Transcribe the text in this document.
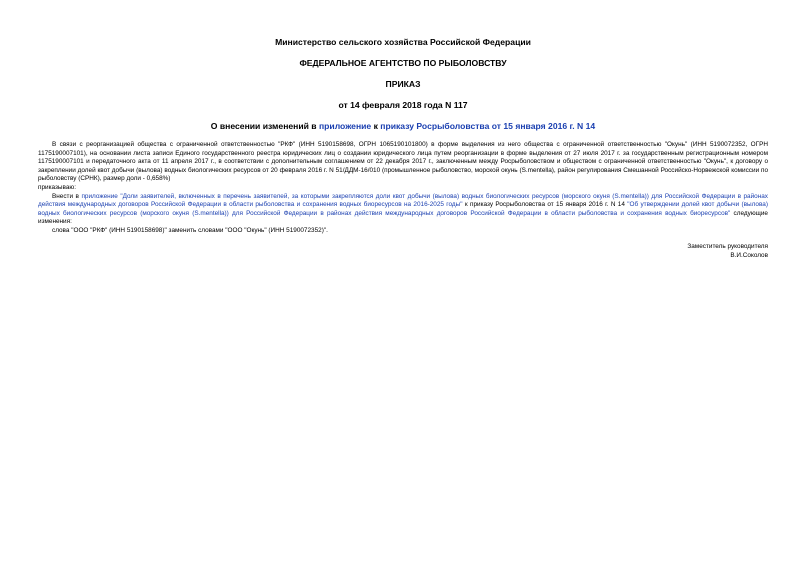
Министерство сельского хозяйства Российской Федерации
ФЕДЕРАЛЬНОЕ АГЕНТСТВО ПО РЫБОЛОВСТВУ
ПРИКАЗ
от 14 февраля 2018 года N 117
О внесении изменений в приложение к приказу Росрыболовства от 15 января 2016 г. N 14

В связи с реорганизацией общества с ограниченной ответственностью "РКФ" (ИНН 5190158698, ОГРН 1065190101800) в форме выделения из него общества с ограниченной ответственностью "Окунь" (ИНН 5190072352, ОГРН 1175190007101), на основании листа записи Единого государственного реестра юридических лиц о создании юридического лица путем реорганизации в форме выделения от 27 июля 2017 г. за государственным регистрационным номером 1175190007101 и передаточного акта от 11 апреля 2017 г., в соответствии с дополнительным соглашением от 22 декабря 2017 г., заключенным между Росрыболовством и обществом с ограниченной ответственностью "Окунь", к договору о закреплении долей квот добычи (вылова) водных биологических ресурсов от 20 февраля 2016 г. N 51/ДДМ-16/010 (промышленное рыболовство, морской окунь (S.mentella), район регулирования Смешанной Российско-Норвежской комиссии по рыболовству (СРНК), размер доли - 0,658%)

приказываю:

Внести в приложение "Доли заявителей, включенных в перечень заявителей, за которыми закрепляются доли квот добычи (вылова) водных биологических ресурсов (морского окуня (S.mentella)) для Российской Федерации в районах действия международных договоров Российской Федерации в области рыболовства и сохранения водных биоресурсов на 2016-2025 годы" к приказу Росрыболовства от 15 января 2016 г. N 14 "Об утверждении долей квот добычи (вылова) водных биологических ресурсов (морского окуня (S.mentella)) для Российской Федерации в районах действия международных договоров Российской Федерации в области рыболовства и сохранения водных биоресурсов" следующие изменения:

слова "ООО "РКФ" (ИНН 5190158698)" заменить словами "ООО "Окунь" (ИНН 5190072352)".

Заместитель руководителя

В.И.Соколов
